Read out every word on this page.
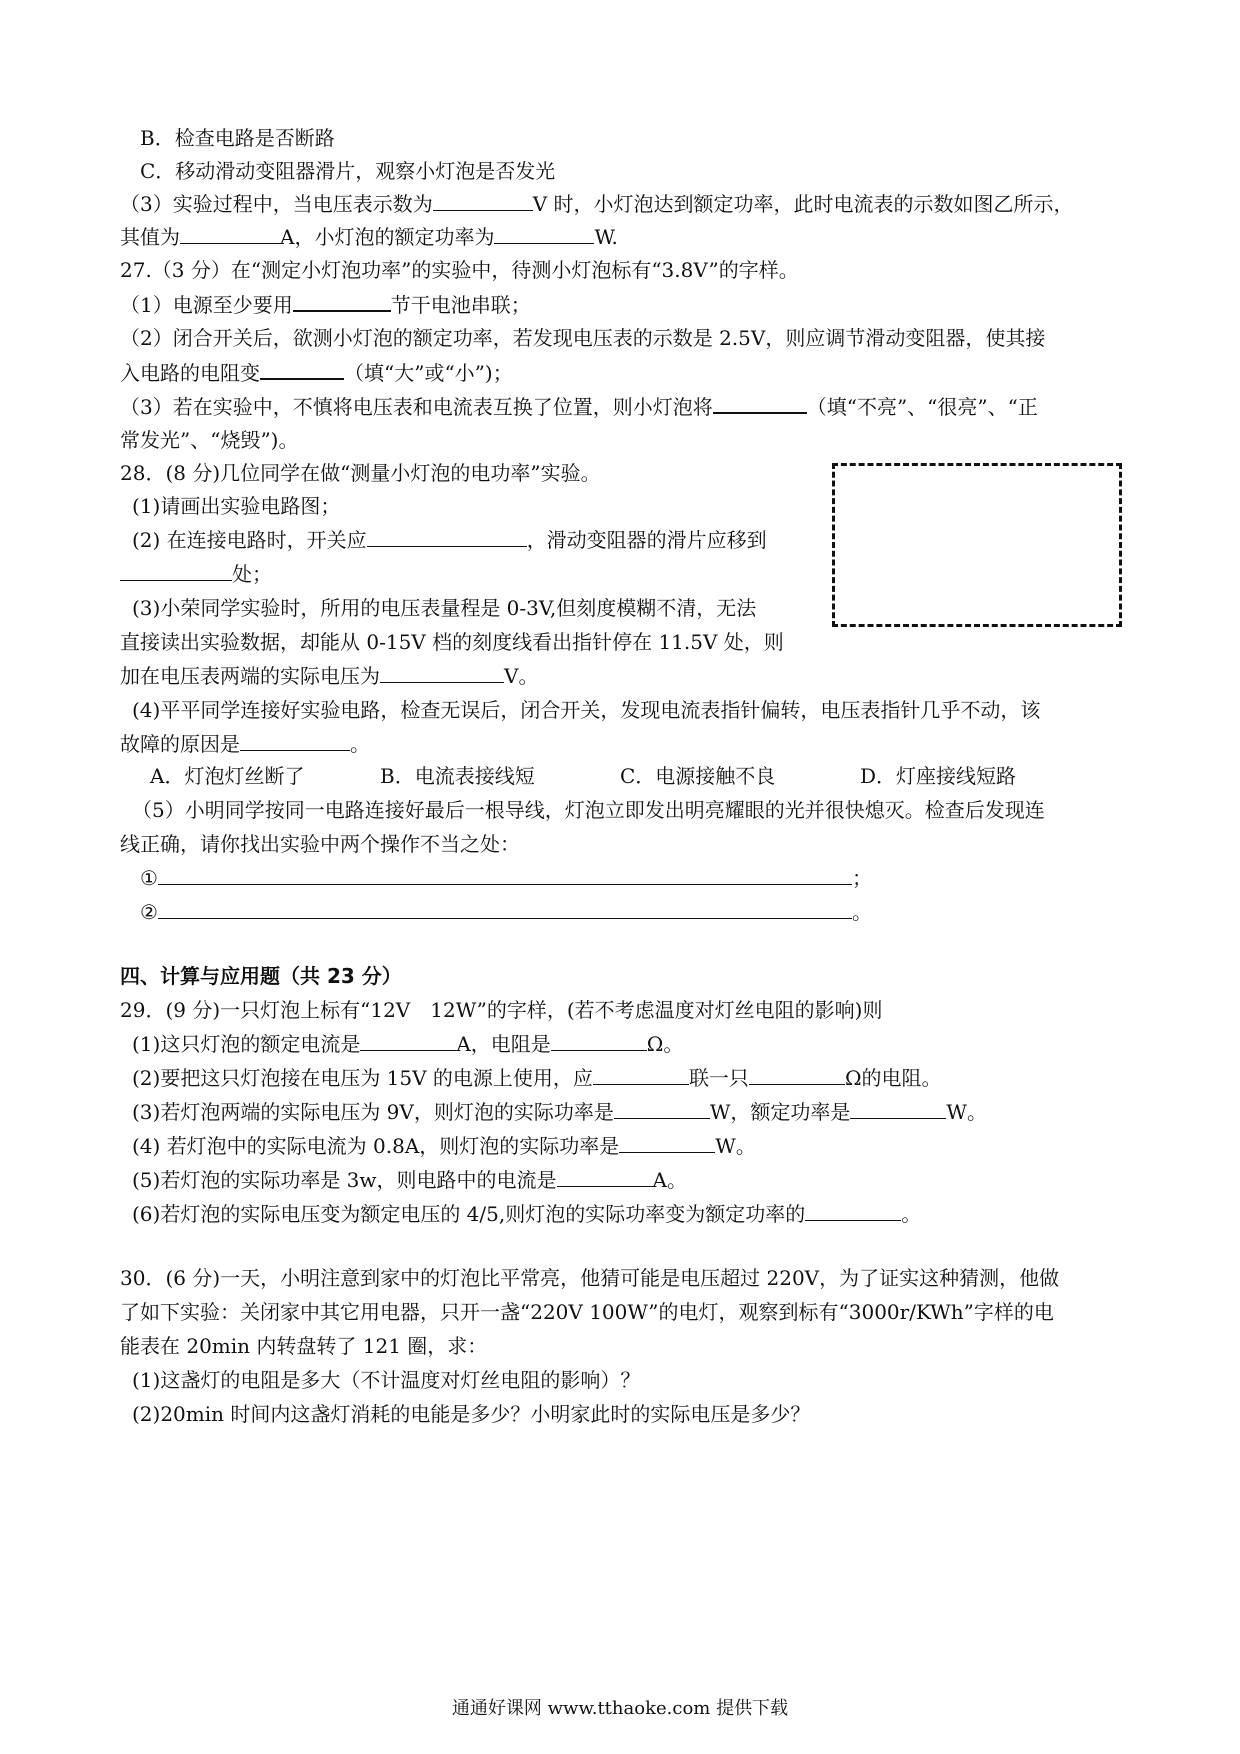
B．检查电路是否断路
C．移动滑动变阻器滑片，观察小灯泡是否发光
（3）实验过程中，当电压表示数为	V 时，小灯泡达到额定功率，此时电流表的示数如图乙所示，
其值为	A，小灯泡的额定功率为	W.
27.（3 分）在“测定小灯泡功率”的实验中，待测小灯泡标有“3.8V”的字样。
（1）电源至少要用	节干电池串联；
（2）闭合开关后，欲测小灯泡的额定功率，若发现电压表的示数是 2.5V，则应调节滑动变阻器，使其接
入电路的电阻变	（填“大”或“小”)；
（3）若在实验中，不慎将电压表和电流表互换了位置，则小灯泡将	（填“不亮”、“很亮”、“正
常发光”、“烧毁”)。
28．(8 分)几位同学在做“测量小灯泡的电功率”实验。
(1)请画出实验电路图；
(2) 在连接电路时，开关应	，滑动变阻器的滑片应移到
处；
(3)小荣同学实验时，所用的电压表量程是 0-3V,但刻度模糊不清，无法
直接读出实验数据，却能从 0-15V 档的刻度线看出指针停在 11.5V 处，则
加在电压表两端的实际电压为	V。
(4)平平同学连接好实验电路，检查无误后，闭合开关，发现电流表指针偏转，电压表指针几乎不动，该
故障的原因是	。
A．灯泡灯丝断了	B．电流表接线短	C．电源接触不良	D．灯座接线短路
（5）小明同学按同一电路连接好最后一根导线，灯泡立即发出明亮耀眼的光并很快熄灭。检查后发现连
线正确，请你找出实验中两个操作不当之处：
①	；
②	。
四、计算与应用题（共 23 分）
29．(9 分)一只灯泡上标有“12V　12W”的字样，(若不考虑温度对灯丝电阻的影响)则
(1)这只灯泡的额定电流是	A，电阻是	Ω。
(2)要把这只灯泡接在电压为 15V 的电源上使用，应	联一只	Ω的电阻。
(3)若灯泡两端的实际电压为 9V，则灯泡的实际功率是	W，额定功率是	W。
(4) 若灯泡中的实际电流为 0.8A，则灯泡的实际功率是	W。
(5)若灯泡的实际功率是 3w，则电路中的电流是	A。
(6)若灯泡的实际电压变为额定电压的 4/5,则灯泡的实际功率变为额定功率的	。
30．(6 分)一天，小明注意到家中的灯泡比平常亮，他猜可能是电压超过 220V，为了证实这种猜测，他做
了如下实验：关闭家中其它用电器，只开一盏“220V 100W”的电灯，观察到标有“3000r/KWh”字样的电
能表在 20min 内转盘转了 121 圈，求：
(1)这盏灯的电阻是多大（不计温度对灯丝电阻的影响）？
(2)20min 时间内这盏灯消耗的电能是多少？小明家此时的实际电压是多少？
通通好课网 www.tthaoke.com 提供下载
